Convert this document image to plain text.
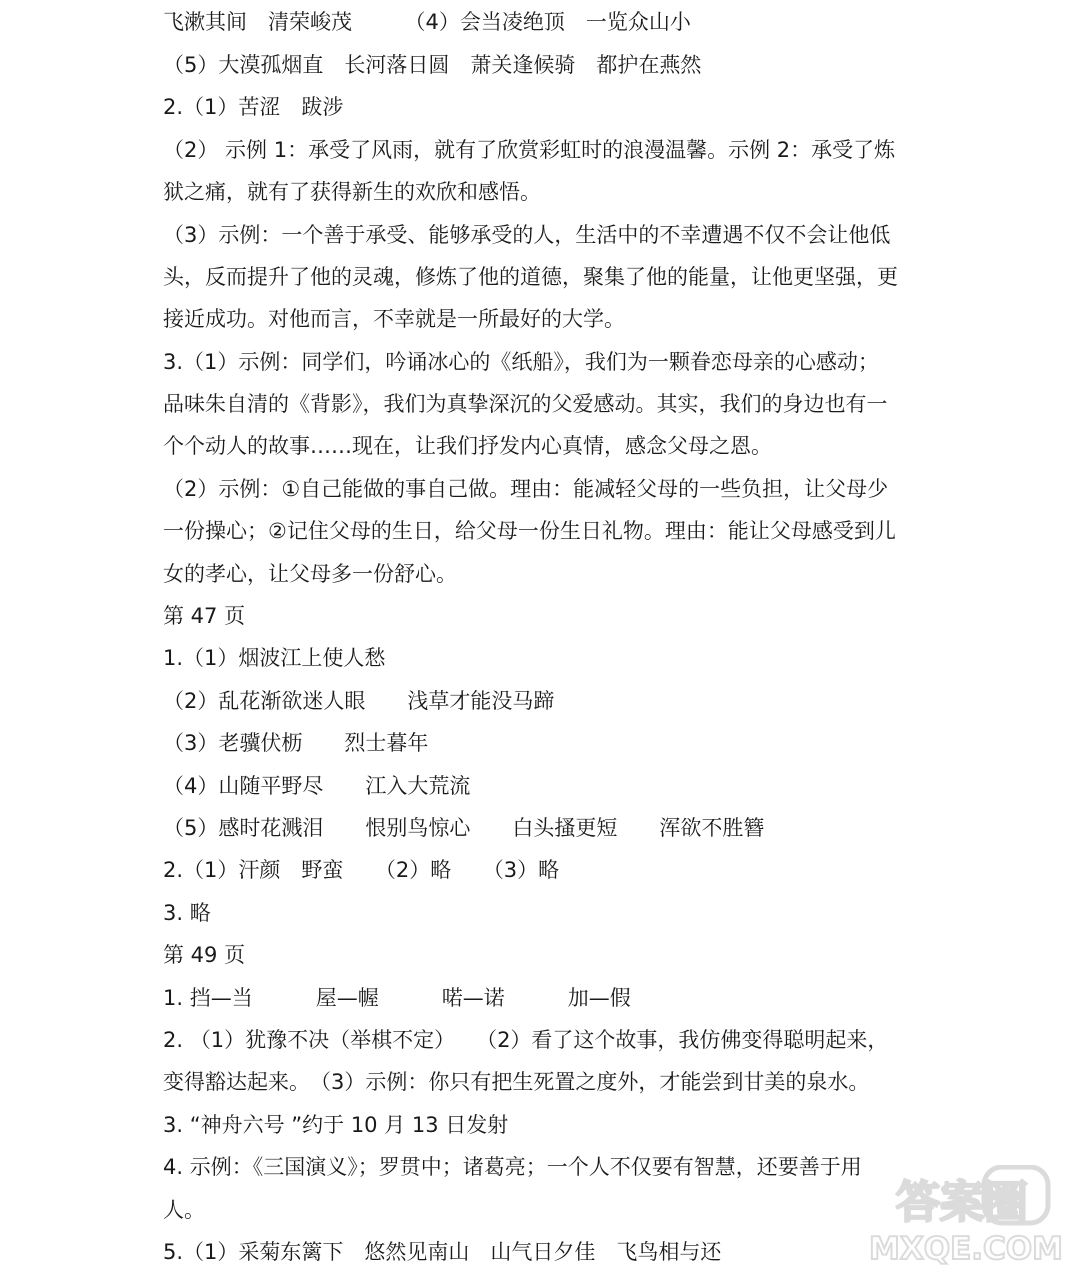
飞漱其间　清荣峻茂　　　（4）会当凌绝顶　一览众山小
（5）大漠孤烟直　长河落日圆　萧关逢候骑　都护在燕然
2.（1）苦涩　跋涉
（2） 示例 1：承受了风雨，就有了欣赏彩虹时的浪漫温馨。示例 2：承受了炼
狱之痛，就有了获得新生的欢欣和感悟。
（3）示例：一个善于承受、能够承受的人，生活中的不幸遭遇不仅不会让他低
头，反而提升了他的灵魂，修炼了他的道德，聚集了他的能量，让他更坚强，更
接近成功。对他而言，不幸就是一所最好的大学。
3.（1）示例：同学们，吟诵冰心的《纸船》，我们为一颗眷恋母亲的心感动；
品味朱自清的《背影》，我们为真挚深沉的父爱感动。其实，我们的身边也有一
个个动人的故事……现在，让我们抒发内心真情，感念父母之恩。
（2）示例：①自己能做的事自己做。理由：能减轻父母的一些负担，让父母少
一份操心；②记住父母的生日，给父母一份生日礼物。理由：能让父母感受到儿
女的孝心，让父母多一份舒心。
第 47 页
1.（1）烟波江上使人愁
（2）乱花渐欲迷人眼　　浅草才能没马蹄
（3）老骥伏枥　　烈士暮年
（4）山随平野尽　　江入大荒流
（5）感时花溅泪　　恨别鸟惊心　　白头搔更短　　浑欲不胜簪
2.（1）汗颜　野蛮　　（2）略　　（3）略
3. 略
第 49 页
1. 挡—当　　　屋—幄　　　喏—诺　　　加—假
2. （1）犹豫不决（举棋不定）　　（2）看了这个故事，我仿佛变得聪明起来，
变得豁达起来。　（3）示例：你只有把生死置之度外，才能尝到甘美的泉水。
3. “神舟六号 ”约于 10 月 13 日发射
4. 示例：《三国演义》；罗贯中；诸葛亮；一个人不仅要有智慧，还要善于用
人。
5.（1）采菊东篱下　悠然见南山　山气日夕佳　飞鸟相与还
答案圈
MXQE.COM
